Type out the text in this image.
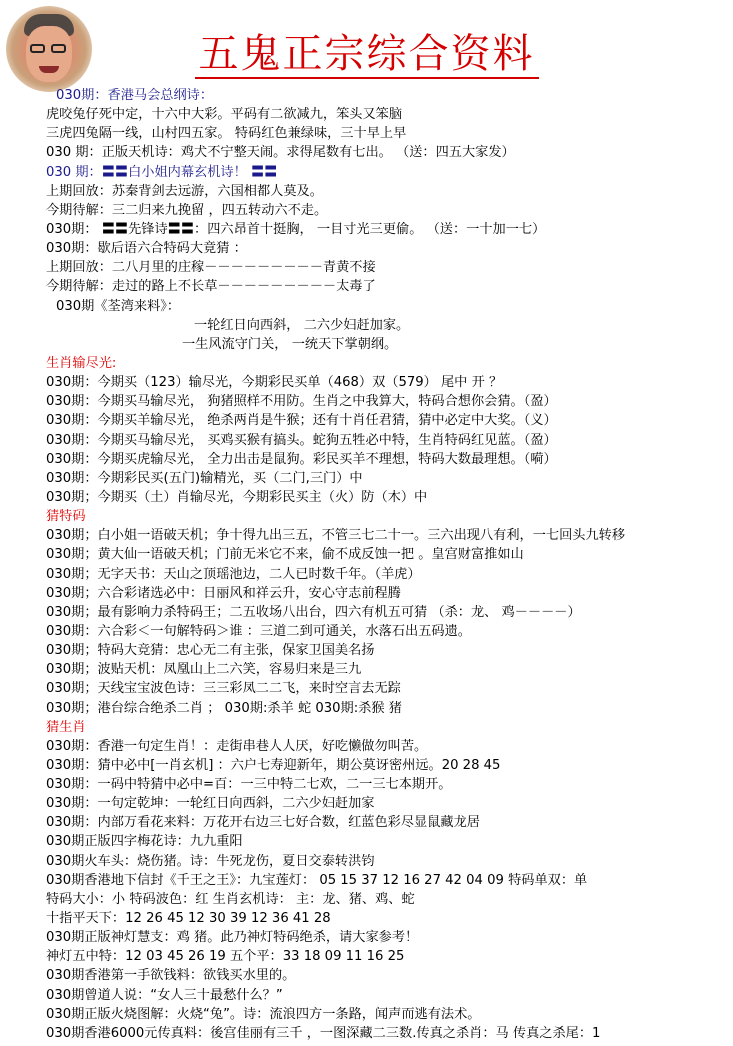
五鬼正宗综合资料
030期：香港马会总纲诗：
虎咬兔仔死中定，十六中大彩。平码有二欲减九，笨头又笨脑
三虎四兔隔一线，山村四五家。 特码红色兼绿味，三十早上早
030 期：正版天机诗：鸡犬不宁整天闹。求得尾数有七出。 （送：四五大家发）
030 期：〓〓白小姐内幕玄机诗！ 〓〓
上期回放：苏秦背剑去远游，六国相都人莫及。
今期待解：三二归来九挽留 ，四五转动六不走。
030期： 〓〓先锋诗〓〓：四六昂首十挺胸， 一目寸光三更偷。 （送：一十加一七）
030期：歇后语六合特码大竟猜 ：
上期回放：二八月里的庄稼－－－－－－－－－青黄不接
今期待解：走过的路上不长草－－－－－－－－－太毒了
030期《荃湾来料》：
一轮红日向西斜， 二六少妇赶加家。
一生风流守门关， 一统天下掌朝纲。
生肖输尽光:
030期：今期买（123）输尽光，今期彩民买单（468）双（579） 尾中 开 ？
030期：今期买马输尽光， 狗猪照样不用防。生肖之中我算大，特码合想你会猜。（盈）
030期：今期买羊输尽光， 绝杀两肖是牛猴；还有十肖任君猜，猜中必定中大奖。（义）
030期：今期买马输尽光， 买鸡买猴有搞头。蛇狗五牲必中特，生肖特码红见蓝。（盈）
030期：今期买虎输尽光， 全力出击是鼠狗。彩民买羊不理想，特码大数最理想。（嗬）
030期：今期彩民买(五门)输精光，买（二门,三门）中
030期；今期买（土）肖输尽光，今期彩民买主（火）防（木）中
猜特码
030期；白小姐一语破天机；争十得九出三五，不管三七二十一。三六出现八有利，一七回头九转移
030期；黄大仙一语破天机；门前无米它不来，偷不成反蚀一把 。皇宫财富推如山
030期；无字天书：天山之顶瑶池边，二人已时数千年。（羊虎）
030期；六合彩诸选必中：日丽风和祥云升，安心守志前程腾
030期；最有影响力杀特码王；二五收场八出台，四六有机五可猜 （杀：龙、 鸡－－－－）
030期：六合彩＜一句解特码＞谁 ：三道二到可通关，水落石出五码遗。
030期；特码大竞猜：忠心无二有主张，保家卫国美名扬
030期；波贴天机：凤凰山上二六笑，容易归来是三九
030期；天线宝宝波色诗：三三彩凤二二飞，来时空言去无踪
030期；港台综合绝杀二肖 ； 030期:杀羊 蛇 030期:杀猴 猪
猜生肖
030期：香港一句定生肖！：走街串巷人人厌，好吃懒做勿叫苦。
030期：猜中必中[一肖玄机] ：六户七寿迎新年，期公莫讶密州远。20 28 45
030期：一码中特猜中必中=百：一三中特二七欢，二一三七本期开。
030期：一句定乾坤：一轮红日向西斜，二六少妇赶加家
030期：内部万看花来料：万花开右边三七好合数，红蓝色彩尽显鼠藏龙居
030期正版四字梅花诗：九九重阳
030期火车头：烧伤猪。诗：牛死龙伤，夏日交泰转洪钧
030期香港地下信封《千王之王》：九宝莲灯： 05 15 37 12 16 27 42 04 09 特码单双：单
特码大小：小 特码波色：红 生肖玄机诗： 主：龙、猪、鸡、蛇
十指平天下：12 26 45 12 30 39 12 36 41 28
030期正版神灯慧支：鸡 猪。此乃神灯特码绝杀，请大家参考！
神灯五中特：12 03 45 26 19 五个平：33 18 09 11 16 25
030期香港第一手欲钱料：欲钱买水里的。
030期曾道人说：“女人三十最愁什么？”
030期正版火烧图解：火烧“兔”。诗：流浪四方一条路，闻声而逃有法术。
030期香港6000元传真料：後宫佳丽有三千 ，一图深藏二三数.传真之杀肖：马 传真之杀尾：1
